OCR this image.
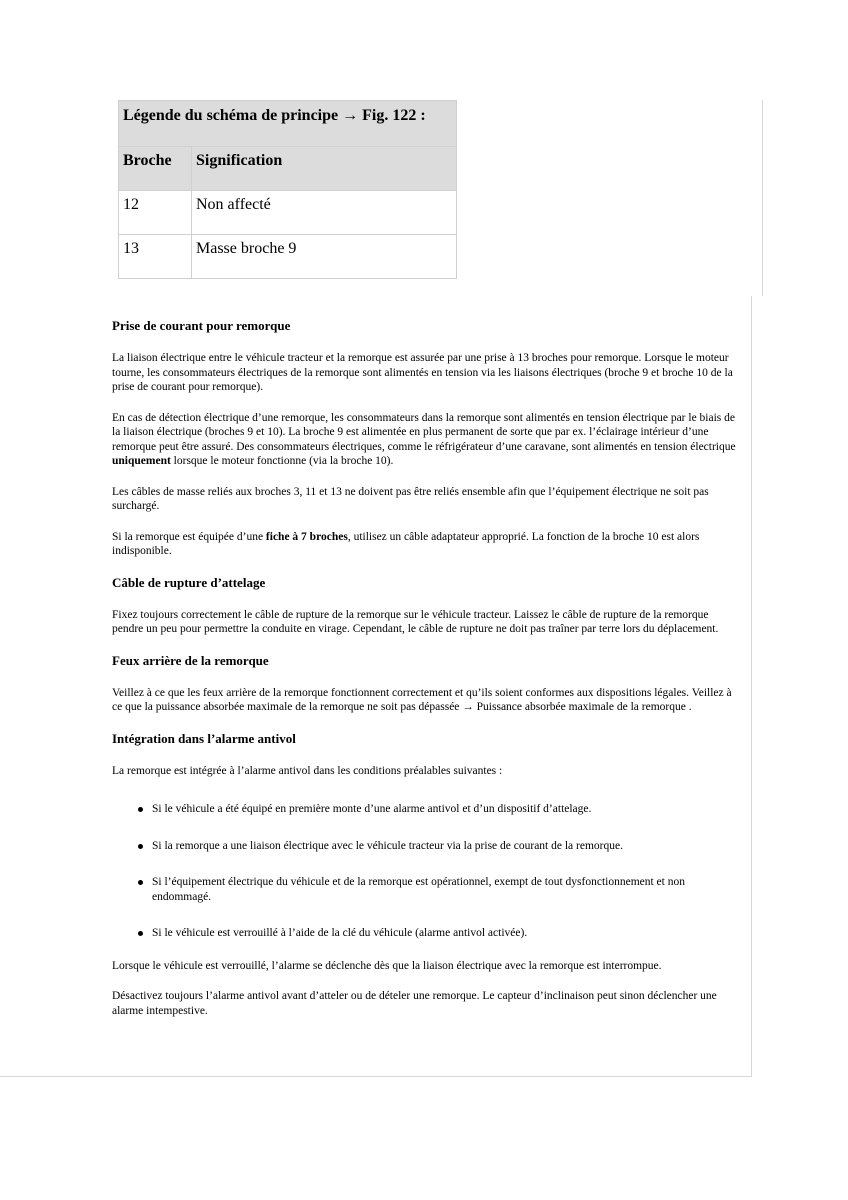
Légende du schéma de principe → Fig. 122 :	
Broche	Signification
12	Non affecté
13	Masse broche 9
Prise de courant pour remorque

La liaison électrique entre le véhicule tracteur et la remorque est assurée par une prise à 13 broches pour remorque. Lorsque le moteur tourne, les consommateurs électriques de la remorque sont alimentés en tension via les liaisons électriques (broche 9 et broche 10 de la prise de courant pour remorque).

En cas de détection électrique d’une remorque, les consommateurs dans la remorque sont alimentés en tension électrique par le biais de la liaison électrique (broches 9 et 10). La broche 9 est alimentée en plus permanent de sorte que par ex. l’éclairage intérieur d’une remorque peut être assuré. Des consommateurs électriques, comme le réfrigérateur d’une caravane, sont alimentés en tension électrique uniquement lorsque le moteur fonctionne (via la broche 10).

Les câbles de masse reliés aux broches 3, 11 et 13 ne doivent pas être reliés ensemble afin que l’équipement électrique ne soit pas surchargé.

Si la remorque est équipée d’une fiche à 7 broches, utilisez un câble adaptateur approprié. La fonction de la broche 10 est alors indisponible.

Câble de rupture d’attelage

Fixez toujours correctement le câble de rupture de la remorque sur le véhicule tracteur. Laissez le câble de rupture de la remorque pendre un peu pour permettre la conduite en virage. Cependant, le câble de rupture ne doit pas traîner par terre lors du déplacement.

Feux arrière de la remorque

Veillez à ce que les feux arrière de la remorque fonctionnent correctement et qu’ils soient conformes aux dispositions légales. Veillez à ce que la puissance absorbée maximale de la remorque ne soit pas dépassée → Puissance absorbée maximale de la remorque .

Intégration dans l’alarme antivol

La remorque est intégrée à l’alarme antivol dans les conditions préalables suivantes :

Si le véhicule a été équipé en première monte d’une alarme antivol et d’un dispositif d’attelage.
Si la remorque a une liaison électrique avec le véhicule tracteur via la prise de courant de la remorque.
Si l’équipement électrique du véhicule et de la remorque est opérationnel, exempt de tout dysfonctionnement et non endommagé.
Si le véhicule est verrouillé à l’aide de la clé du véhicule (alarme antivol activée).

Lorsque le véhicule est verrouillé, l’alarme se déclenche dès que la liaison électrique avec la remorque est interrompue.

Désactivez toujours l’alarme antivol avant d’atteler ou de dételer une remorque. Le capteur d’inclinaison peut sinon déclencher une alarme intempestive.
